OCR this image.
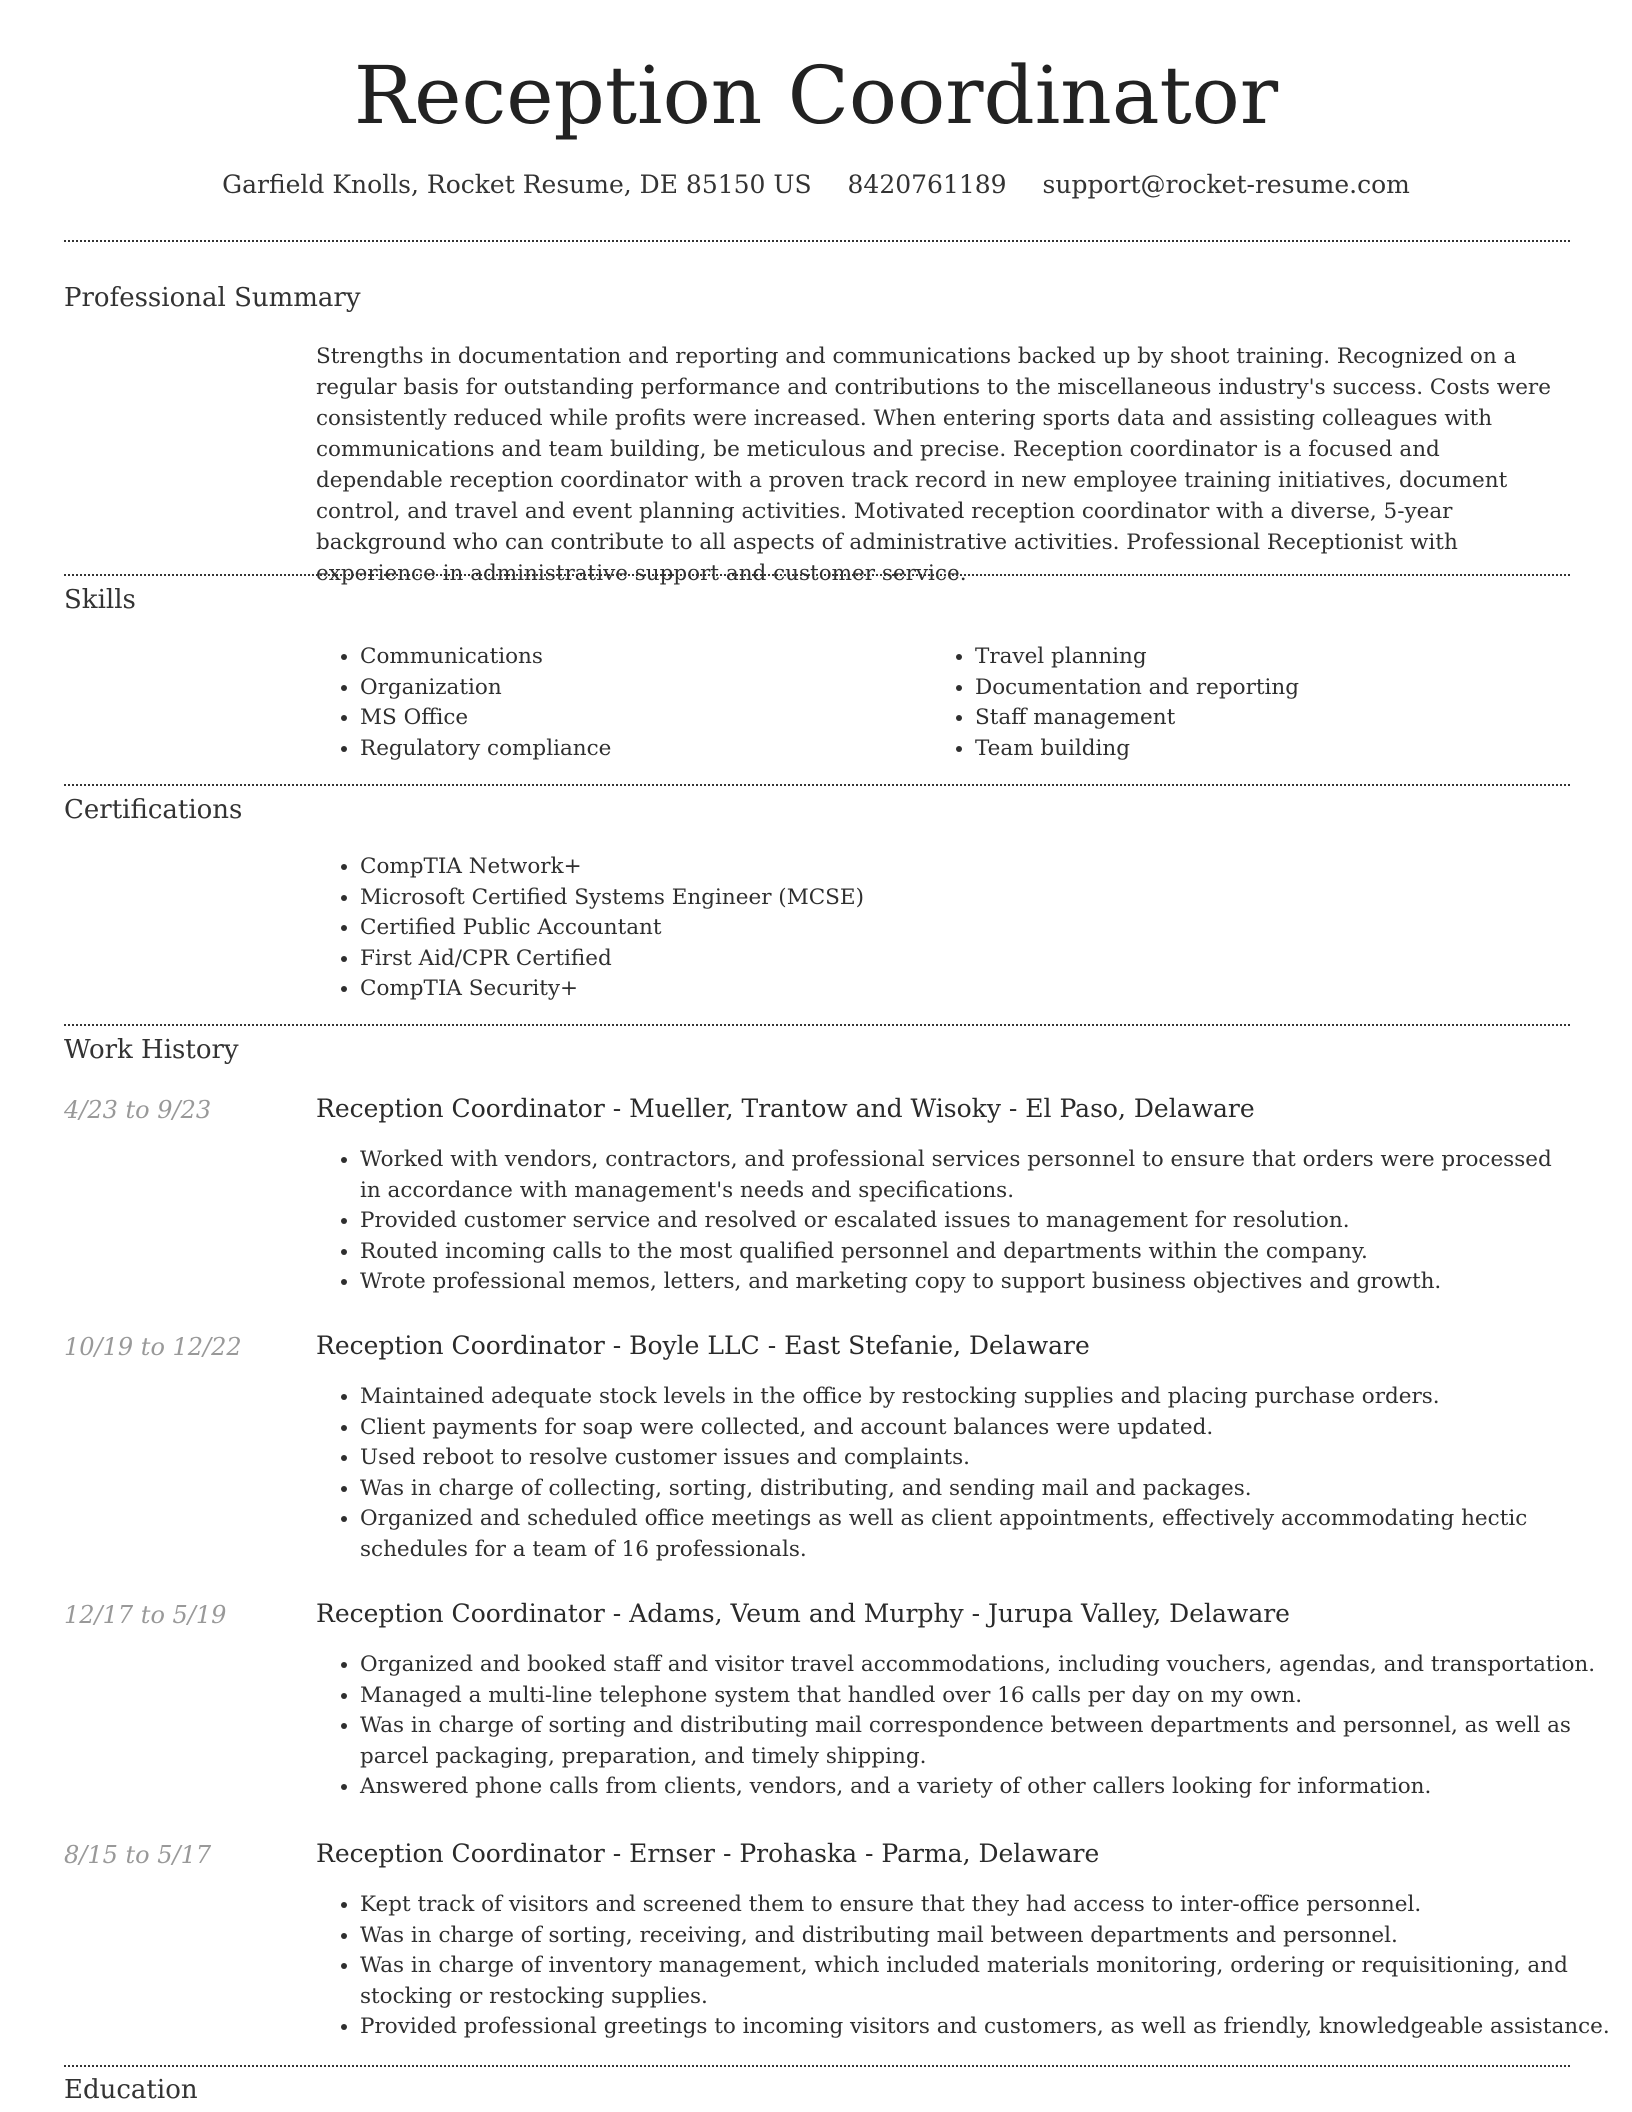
Reception Coordinator
Garfield Knolls, Rocket Resume, DE 85150 US 8420761189 support@rocket-resume.com
Professional Summary

Strengths in documentation and reporting and communications backed up by shoot training. Recognized on a regular basis for outstanding performance and contributions to the miscellaneous industry's success. Costs were consistently reduced while profits were increased. When entering sports data and assisting colleagues with communications and team building, be meticulous and precise. Reception coordinator is a focused and dependable reception coordinator with a proven track record in new employee training initiatives, document control, and travel and event planning activities. Motivated reception coordinator with a diverse, 5-year background who can contribute to all aspects of administrative activities. Professional Receptionist with experience in administrative support and customer service.

Skills
• Communications
• Organization
• MS Office
• Regulatory compliance
• Travel planning
• Documentation and reporting
• Staff management
• Team building
Certifications
• CompTIA Network+
• Microsoft Certified Systems Engineer (MCSE)
• Certified Public Accountant
• First Aid/CPR Certified
• CompTIA Security+
Work History
4/23 to 9/23	Reception Coordinator - Mueller, Trantow and Wisoky - El Paso, Delaware
• Worked with vendors, contractors, and professional services personnel to ensure that orders were processed in accordance with management's needs and specifications.
• Provided customer service and resolved or escalated issues to management for resolution.
• Routed incoming calls to the most qualified personnel and departments within the company.
• Wrote professional memos, letters, and marketing copy to support business objectives and growth.
10/19 to 12/22	Reception Coordinator - Boyle LLC - East Stefanie, Delaware
• Maintained adequate stock levels in the office by restocking supplies and placing purchase orders.
• Client payments for soap were collected, and account balances were updated.
• Used reboot to resolve customer issues and complaints.
• Was in charge of collecting, sorting, distributing, and sending mail and packages.
• Organized and scheduled office meetings as well as client appointments, effectively accommodating hectic schedules for a team of 16 professionals.
12/17 to 5/19	Reception Coordinator - Adams, Veum and Murphy - Jurupa Valley, Delaware
• Organized and booked staff and visitor travel accommodations, including vouchers, agendas, and transportation.
• Managed a multi-line telephone system that handled over 16 calls per day on my own.
• Was in charge of sorting and distributing mail correspondence between departments and personnel, as well as parcel packaging, preparation, and timely shipping.
• Answered phone calls from clients, vendors, and a variety of other callers looking for information.
8/15 to 5/17	Reception Coordinator - Ernser - Prohaska - Parma, Delaware
• Kept track of visitors and screened them to ensure that they had access to inter-office personnel.
• Was in charge of sorting, receiving, and distributing mail between departments and personnel.
• Was in charge of inventory management, which included materials monitoring, ordering or requisitioning, and stocking or restocking supplies.
• Provided professional greetings to incoming visitors and customers, as well as friendly, knowledgeable assistance.
Education
